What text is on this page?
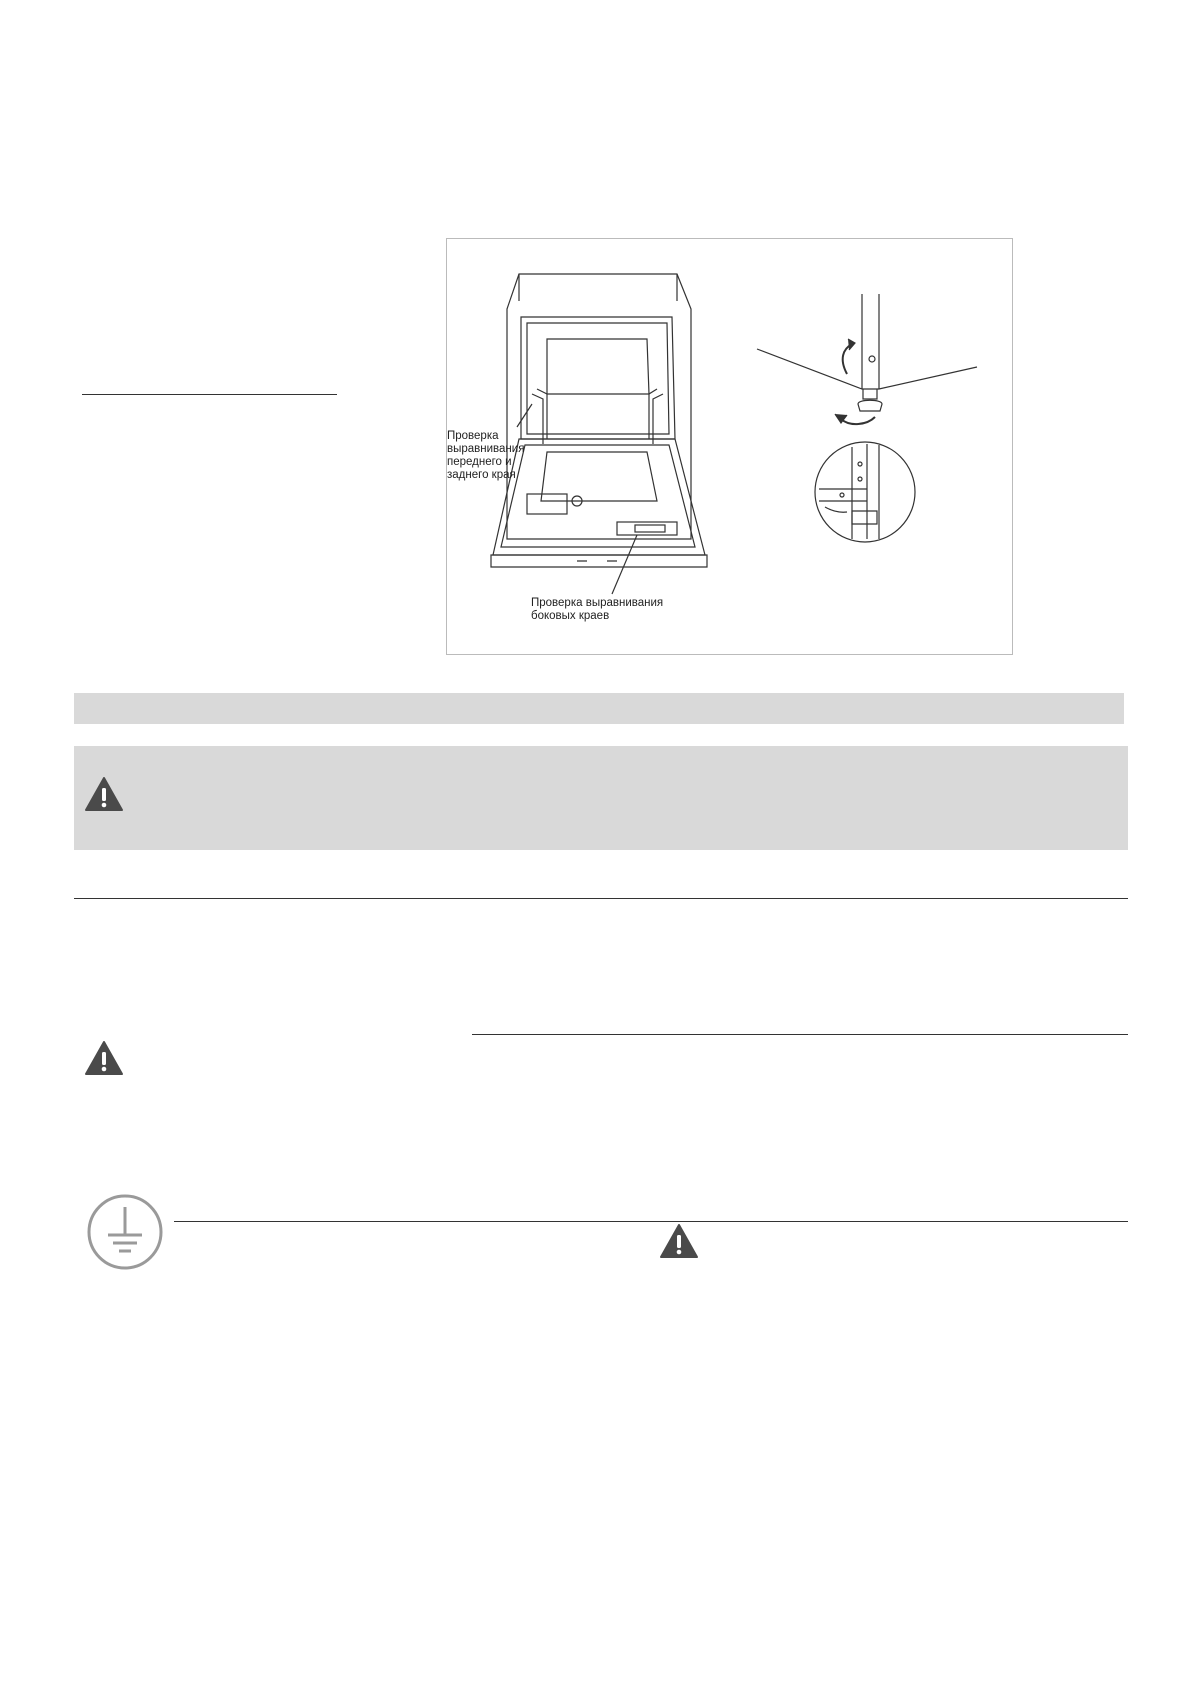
Проверка
выравнивания
переднего и
заднего края
Проверка выравнивания
боковых краев
